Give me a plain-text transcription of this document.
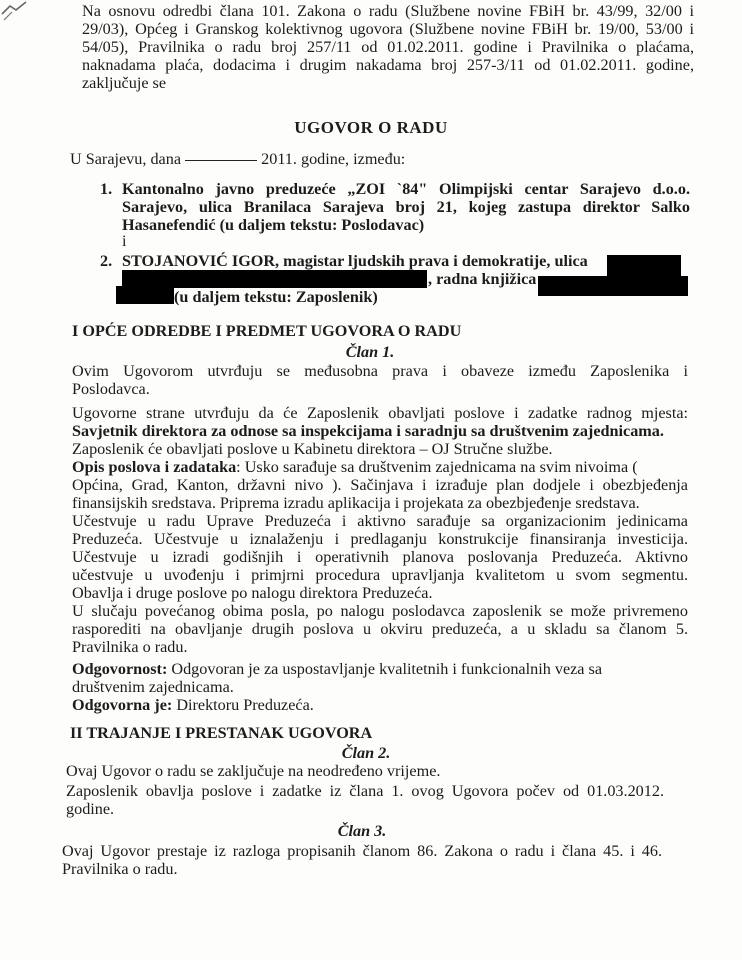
Na osnovu odredbi člana 101. Zakona o radu (Službene novine FBiH br. 43/99, 32/00 i
29/03), Općeg i Granskog kolektivnog ugovora (Službene novine FBiH br. 19/00, 53/00 i
54/05), Pravilnika o radu broj 257/11 od 01.02.2011. godine i Pravilnika o plaćama,
naknadama plaća, dodacima i drugim nakadama broj 257-3/11 od 01.02.2011. godine,
zaključuje se
UGOVOR O RADU
U Sarajevu, dana	2011. godine, između:
1. Kantonalno javno preduzeće „ZOI `84" Olimpijski centar Sarajevo d.o.o.
Sarajevo, ulica Branilaca Sarajeva broj 21, kojeg zastupa direktor Salko
Hasanefendić (u daljem tekstu: Poslodavac)
i
2. STOJANOVIĆ IGOR, magistar ljudskih prava i demokratije, ulica
, radna knjižica
(u daljem tekstu: Zaposlenik)
I OPĆE ODREDBE I PREDMET UGOVORA O RADU
Član 1.
Ovim Ugovorom utvrđuju se međusobna prava i obaveze između Zaposlenika i
Poslodavca.
Ugovorne strane utvrđuju da će Zaposlenik obavljati poslove i zadatke radnog mjesta:
Savjetnik direktora za odnose sa inspekcijama i saradnju sa društvenim zajednicama.
Zaposlenik će obavljati poslove u Kabinetu direktora – OJ Stručne službe.
Opis poslova i zadataka: Usko sarađuje sa društvenim zajednicama na svim nivoima (
Općina, Grad, Kanton, državni nivo ). Sačinjava i izrađuje plan dodjele i obezbjeđenja
finansijskih sredstava. Priprema izradu aplikacija i projekata za obezbjeđenje sredstava.
Učestvuje u radu Uprave Preduzeća i aktivno sarađuje sa organizacionim jedinicama
Preduzeća. Učestvuje u iznalaženju i predlaganju konstrukcije finansiranja investicija.
Učestvuje u izradi godišnjih i operativnih planova poslovanja Preduzeća. Aktivno
učestvuje u uvođenju i primjrni procedura upravljanja kvalitetom u svom segmentu.
Obavlja i druge poslove po nalogu direktora Preduzeća.
U slučaju povećanog obima posla, po nalogu poslodavca zaposlenik se može privremeno
rasporediti na obavljanje drugih poslova u okviru preduzeća, a u skladu sa članom 5.
Pravilnika o radu.
Odgovornost: Odgovoran je za uspostavljanje kvalitetnih i funkcionalnih veza sa
društvenim zajednicama.
Odgovorna je: Direktoru Preduzeća.
II TRAJANJE I PRESTANAK UGOVORA
Član 2.
Ovaj Ugovor o radu se zaključuje na neodređeno vrijeme.
Zaposlenik obavlja poslove i zadatke iz člana 1. ovog Ugovora počev od 01.03.2012.
godine.
Član 3.
Ovaj Ugovor prestaje iz razloga propisanih članom 86. Zakona o radu i člana 45. i 46.
Pravilnika o radu.
